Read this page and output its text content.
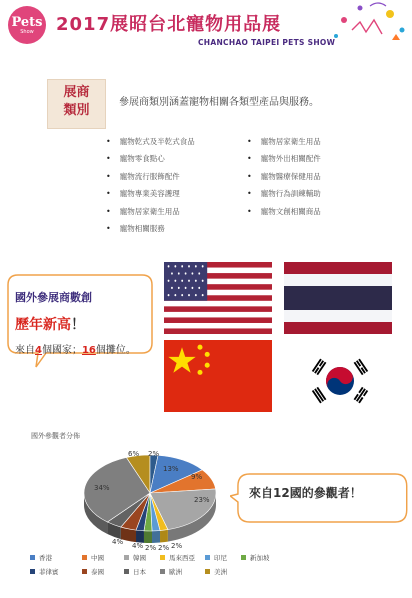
Pets
Show 2017展昭台北寵物用品展
CHANCHAO TAIPEI PETS SHOW
展商
類別
參展商類別涵蓋寵物相關各類型產品與服務。
• 寵物乾式及半乾式食品
• 寵物零食點心
• 寵物流行服飾配件
• 寵物專業美容護理
• 寵物居家衛生用品
• 寵物相關服務
• 寵物居家衛生用品
• 寵物外出相關配件
• 寵物醫療保健用品
• 寵物行為訓練輔助
• 寵物文創相關商品
國外參展商數創
歷年新高！
來自4個國家；16個攤位。
國外參觀者分佈
2%
6%
13%
9%
23%
34%
4% 4% 2% 2% 2%
來自12國的參觀者！
香港	中國	韓國	馬來西亞	印尼	新加坡
菲律賓	泰國	日本	歐洲	美洲
